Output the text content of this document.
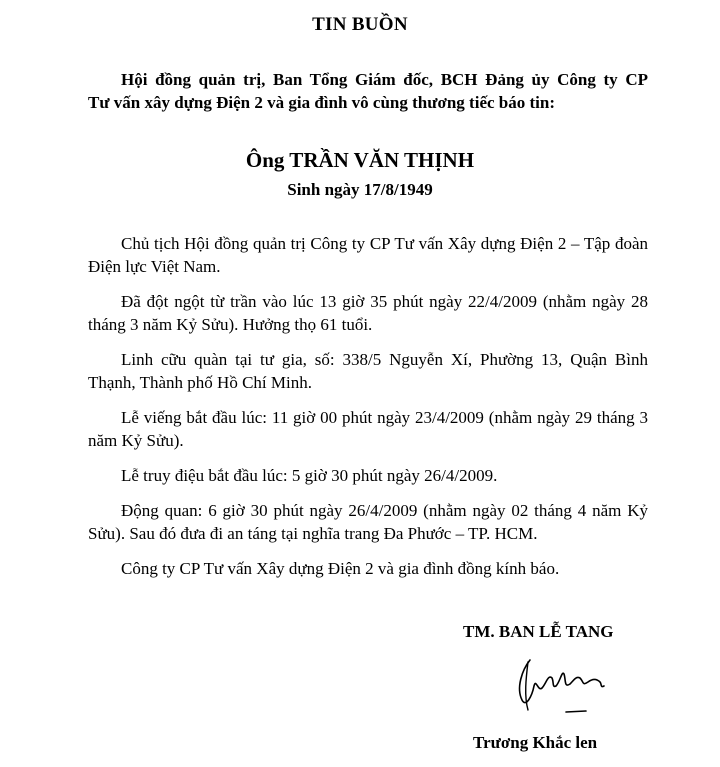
TIN BUỒN
Hội đồng quản trị, Ban Tổng Giám đốc, BCH Đảng ủy Công ty CP
Tư vấn xây dựng Điện 2 và gia đình vô cùng thương tiếc báo tin:
Ông TRẦN VĂN THỊNH
Sinh ngày 17/8/1949

Chủ tịch Hội đồng quản trị Công ty CP Tư vấn Xây dựng Điện 2 – Tập đoàn Điện lực Việt Nam.

Đã đột ngột từ trần vào lúc 13 giờ 35 phút ngày 22/4/2009 (nhằm ngày 28 tháng 3 năm Kỷ Sửu). Hưởng thọ 61 tuổi.

Linh cữu quàn tại tư gia, số: 338/5 Nguyễn Xí, Phường 13, Quận Bình Thạnh, Thành phố Hồ Chí Minh.

Lễ viếng bắt đầu lúc: 11 giờ 00 phút ngày 23/4/2009 (nhằm ngày 29 tháng 3 năm Kỷ Sửu).

Lễ truy điệu bắt đầu lúc: 5 giờ 30 phút ngày 26/4/2009.

Động quan: 6 giờ 30 phút ngày 26/4/2009 (nhằm ngày 02 tháng 4 năm Kỷ Sửu). Sau đó đưa đi an táng tại nghĩa trang Đa Phước – TP. HCM.

Công ty CP Tư vấn Xây dựng Điện 2 và gia đình đồng kính báo.

TM. BAN LỄ TANG
Trương Khắc len
